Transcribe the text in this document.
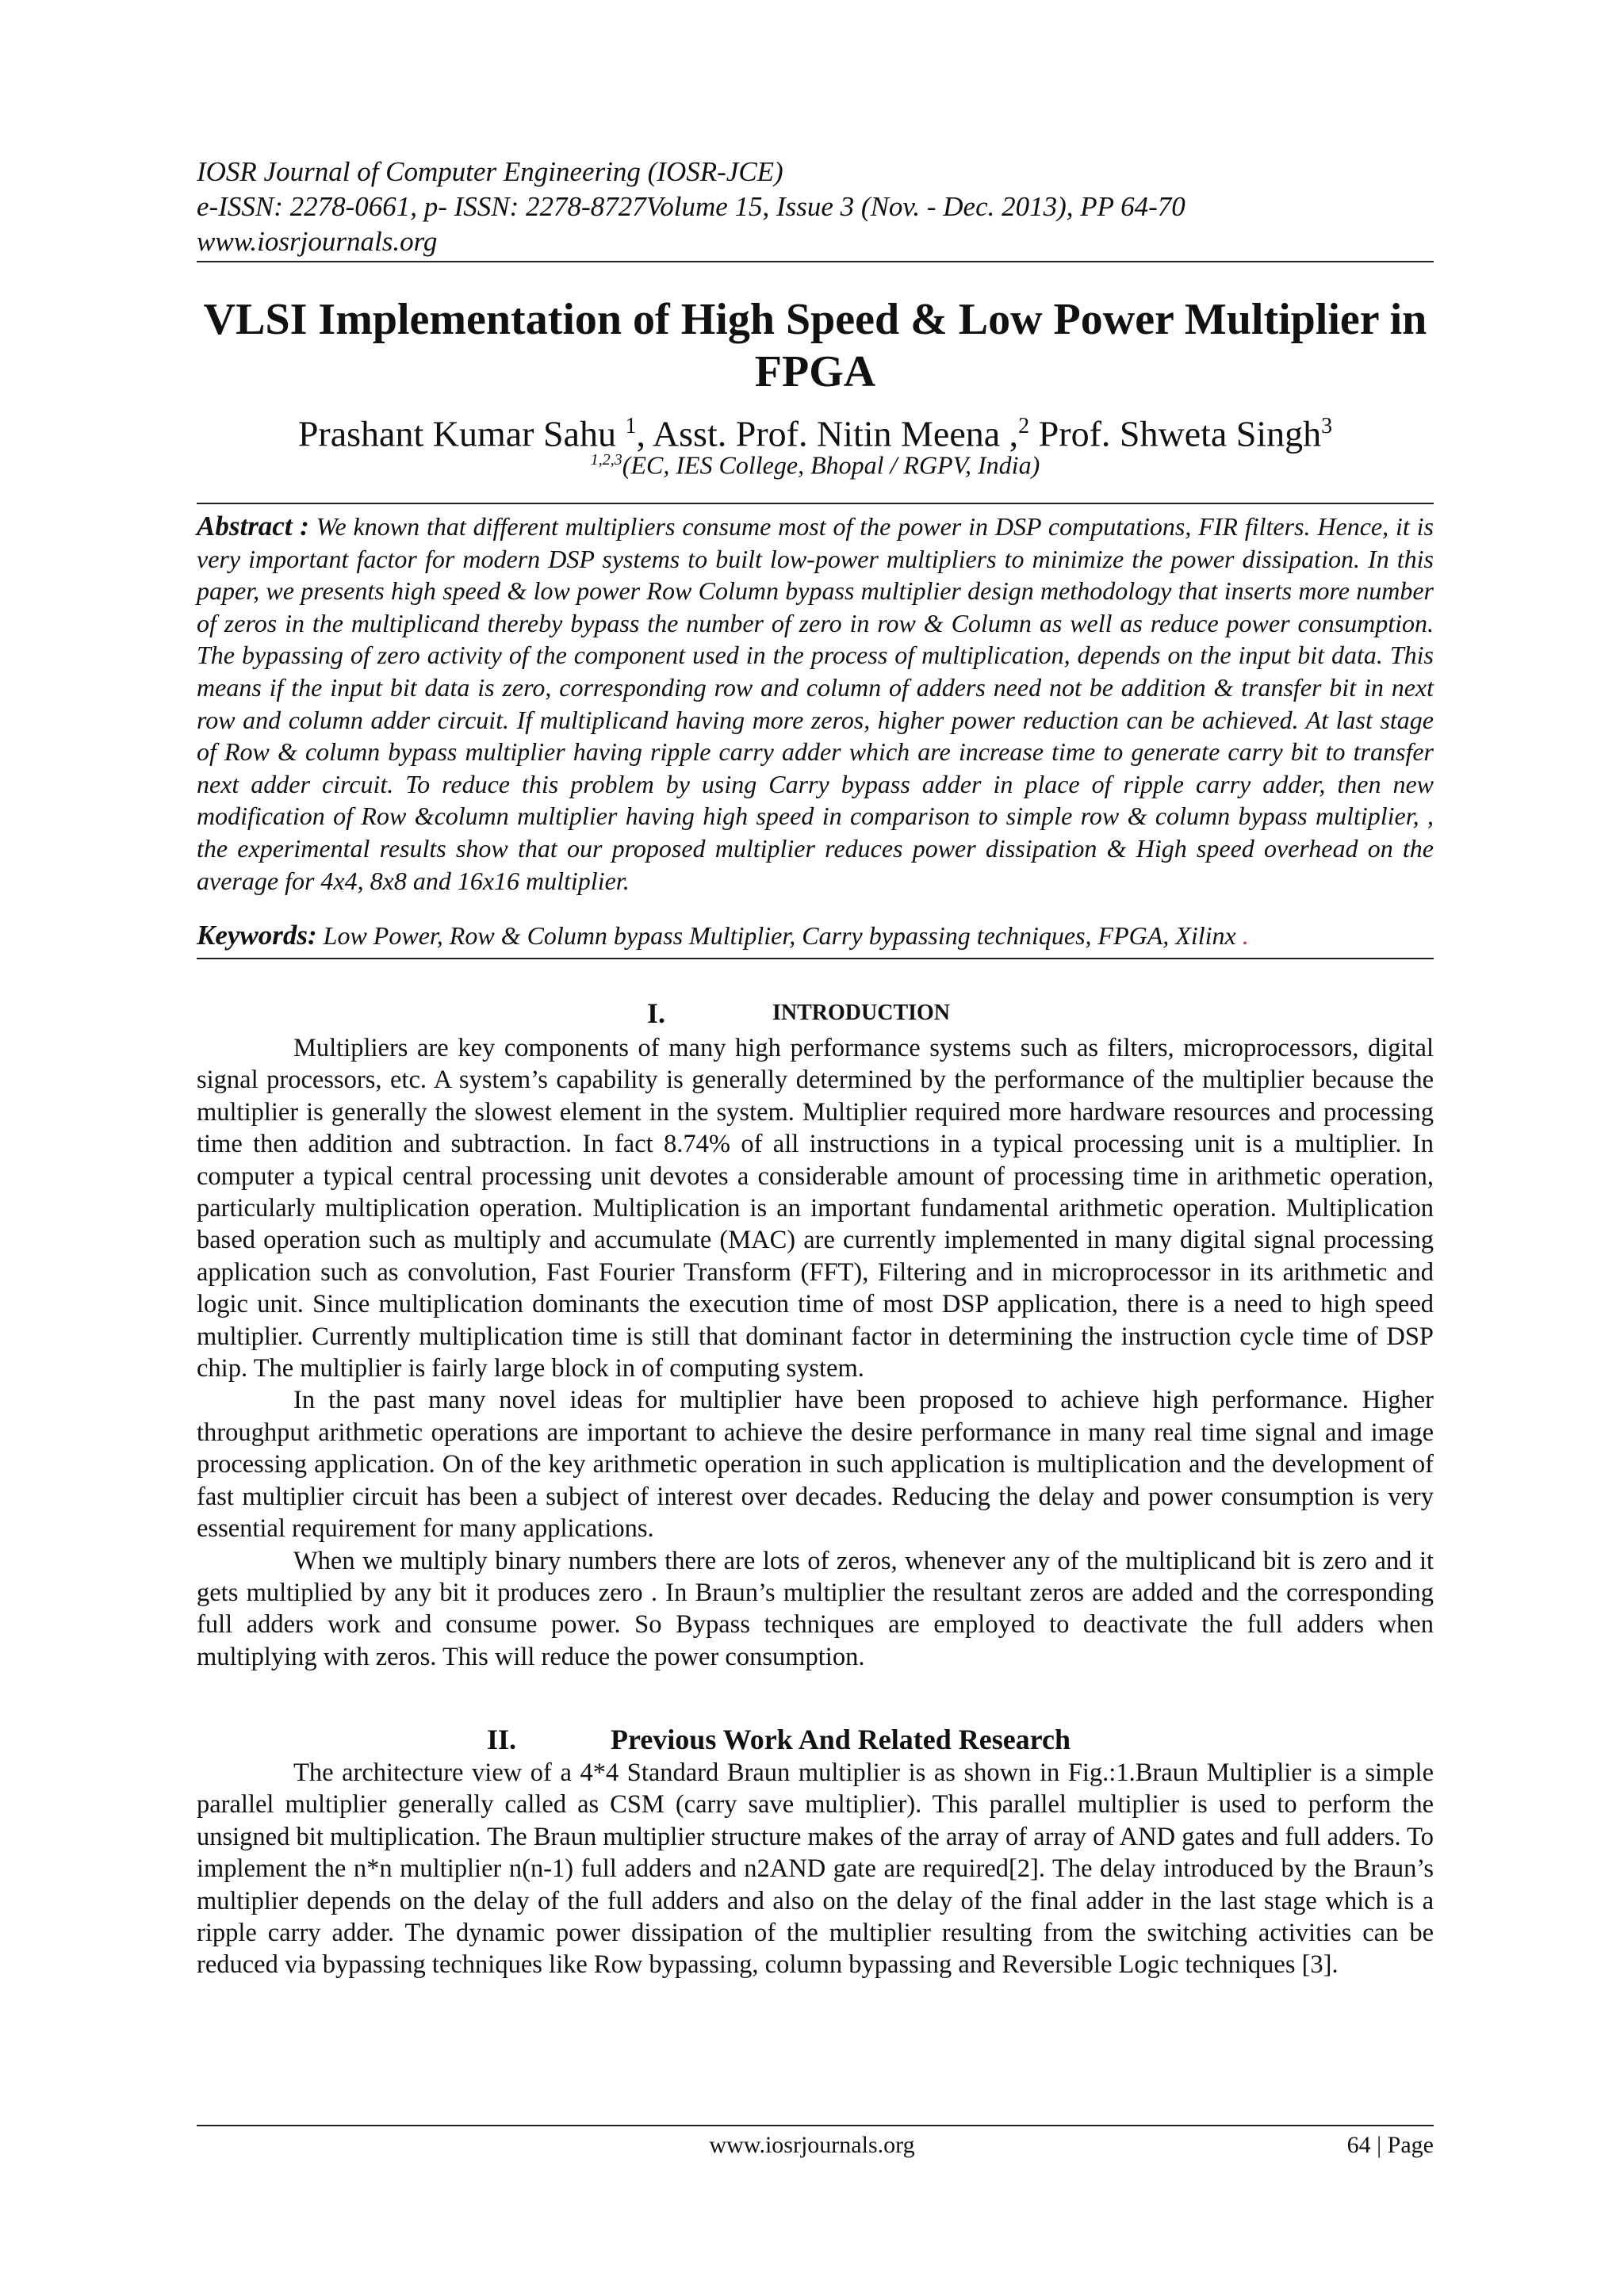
IOSR Journal of Computer Engineering (IOSR-JCE)
e-ISSN: 2278-0661, p- ISSN: 2278-8727Volume 15, Issue 3 (Nov. - Dec. 2013), PP 64-70
www.iosrjournals.org
VLSI Implementation of High Speed & Low Power Multiplier in
FPGA
Prashant Kumar Sahu $^1$, Asst. Prof. Nitin Meena ,$^2$ Prof. Shweta Singh$^3$
$^{1,2,3}$(EC, IES College, Bhopal / RGPV, India)
Abstract : We known that different multipliers consume most of the power in DSP computations, FIR filters. Hence, it is very important factor for modern DSP systems to built low-power multipliers to minimize the power dissipation. In this paper, we presents high speed & low power Row Column bypass multiplier design methodology that inserts more number of zeros in the multiplicand thereby bypass the number of zero in row & Column as well as reduce power consumption. The bypassing of zero activity of the component used in the process of multiplication, depends on the input bit data. This means if the input bit data is zero, corresponding row and column of adders need not be addition & transfer bit in next row and column adder circuit. If multiplicand having more zeros, higher power reduction can be achieved. At last stage of Row & column bypass multiplier having ripple carry adder which are increase time to generate carry bit to transfer next adder circuit. To reduce this problem by using Carry bypass adder in place of ripple carry adder, then new modification of Row &column multiplier having high speed in comparison to simple row & column bypass multiplier, , the experimental results show that our proposed multiplier reduces power dissipation & High speed overhead on the average for 4x4, 8x8 and 16x16 multiplier.
Keywords: Low Power, Row & Column bypass Multiplier, Carry bypassing techniques, FPGA, Xilinx .
I.	INTRODUCTION

Multipliers are key components of many high performance systems such as filters, microprocessors, digital signal processors, etc. A system’s capability is generally determined by the performance of the multiplier because the multiplier is generally the slowest element in the system. Multiplier required more hardware resources and processing time then addition and subtraction. In fact 8.74% of all instructions in a typical processing unit is a multiplier. In computer a typical central processing unit devotes a considerable amount of processing time in arithmetic operation, particularly multiplication operation. Multiplication is an important fundamental arithmetic operation. Multiplication based operation such as multiply and accumulate (MAC) are currently implemented in many digital signal processing application such as convolution, Fast Fourier Transform (FFT), Filtering and in microprocessor in its arithmetic and logic unit. Since multiplication dominants the execution time of most DSP application, there is a need to high speed multiplier. Currently multiplication time is still that dominant factor in determining the instruction cycle time of DSP chip. The multiplier is fairly large block in of computing system.

In the past many novel ideas for multiplier have been proposed to achieve high performance. Higher throughput arithmetic operations are important to achieve the desire performance in many real time signal and image processing application. On of the key arithmetic operation in such application is multiplication and the development of fast multiplier circuit has been a subject of interest over decades. Reducing the delay and power consumption is very essential requirement for many applications.

When we multiply binary numbers there are lots of zeros, whenever any of the multiplicand bit is zero and it gets multiplied by any bit it produces zero . In Braun’s multiplier the resultant zeros are added and the corresponding full adders work and consume power. So Bypass techniques are employed to deactivate the full adders when multiplying with zeros. This will reduce the power consumption.

II.	Previous Work And Related Research

The architecture view of a 4*4 Standard Braun multiplier is as shown in Fig.:1.Braun Multiplier is a simple parallel multiplier generally called as CSM (carry save multiplier). This parallel multiplier is used to perform the unsigned bit multiplication. The Braun multiplier structure makes of the array of array of AND gates and full adders. To implement the n*n multiplier n(n-1) full adders and n2AND gate are required[2]. The delay introduced by the Braun’s multiplier depends on the delay of the full adders and also on the delay of the final adder in the last stage which is a ripple carry adder. The dynamic power dissipation of the multiplier resulting from the switching activities can be reduced via bypassing techniques like Row bypassing, column bypassing and Reversible Logic techniques [3].

www.iosrjournals.org	64 | Page
